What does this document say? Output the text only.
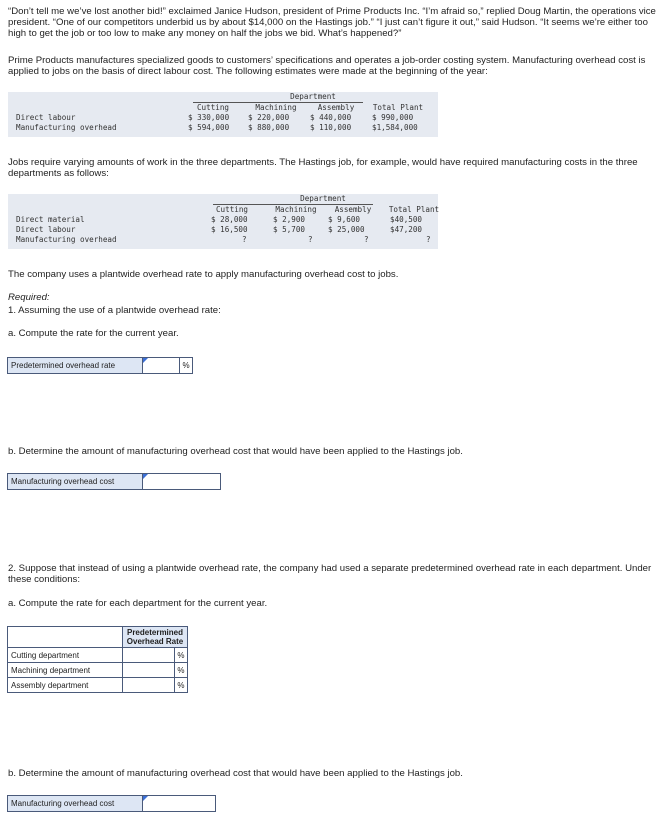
“Don’t tell me we’ve lost another bid!” exclaimed Janice Hudson, president of Prime Products Inc. “I’m afraid so,” replied Doug Martin, the operations vice president. “One of our competitors underbid us by about $14,000 on the Hastings job.” “I just can’t figure it out,” said Hudson. “It seems we’re either too high to get the job or too low to make any money on half the jobs we bid. What’s happened?”

Prime Products manufactures specialized goods to customers’ specifications and operates a job-order costing system. Manufacturing overhead cost is applied to jobs on the basis of direct labour cost. The following estimates were made at the beginning of the year:

Department
Cutting	Machining	Assembly	Total Plant
Direct labour	$ 330,000 $ 220,000	$ 440,000	$ 990,000
Manufacturing overhead	$ 594,000 $ 880,000	$ 110,000	$1,584,000

Jobs require varying amounts of work in the three departments. The Hastings job, for example, would have required manufacturing costs in the three departments as follows:

Department
Cutting	Machining	Assembly	Total Plant
Direct material	$ 28,000	$ 2,900	$ 9,600	$40,500
Direct labour	$ 16,500	$ 5,700	$ 25,000	$47,200
Manufacturing overhead	?	?	?	?

The company uses a plantwide overhead rate to apply manufacturing overhead cost to jobs.

Required:

1. Assuming the use of a plantwide overhead rate:

a. Compute the rate for the current year.

Predetermined overhead rate	%

b. Determine the amount of manufacturing overhead cost that would have been applied to the Hastings job.

Manufacturing overhead cost

2. Suppose that instead of using a plantwide overhead rate, the company had used a separate predetermined overhead rate in each department. Under these conditions:

a. Compute the rate for each department for the current year.

	Predetermined Overhead Rate	
Cutting department		%
Machining department		%
Assembly department		%

b. Determine the amount of manufacturing overhead cost that would have been applied to the Hastings job.

Manufacturing overhead cost
